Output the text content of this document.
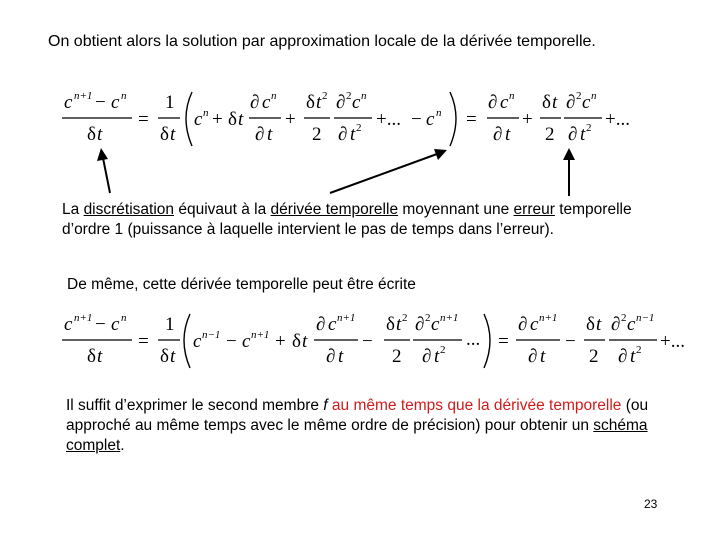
On obtient alors la solution par approximation locale de la dérivée temporelle.
c n+1 − c n
δ t
=
1
δ t
c n + δ t
∂ c n
∂ t
+
δ t 2
2
∂ 2 c n
∂ t 2 +... − c n =
∂ c n
∂ t
+
δ t
2
∂ 2 c n
∂ t 2 +...
c n+1 − c n
δ t
=
1
δ t
c n−1 − c n+1 + δ t
∂ c n+1
∂ t
−
δ t 2
2
∂ 2 c n+1
∂ t 2 ... =
∂ c n+1
∂ t
−
δ t
2
∂ 2 c n−1
∂ t 2 +...
La discrétisation équivaut à la dérivée temporelle moyennant une erreur temporelle d’ordre 1 (puissance à laquelle intervient le pas de temps dans l’erreur).
De même, cette dérivée temporelle peut être écrite
Il suffit d’exprimer le second membre f au même temps que la dérivée temporelle (ou approché au même temps avec le même ordre de précision) pour obtenir un schéma complet.
23
